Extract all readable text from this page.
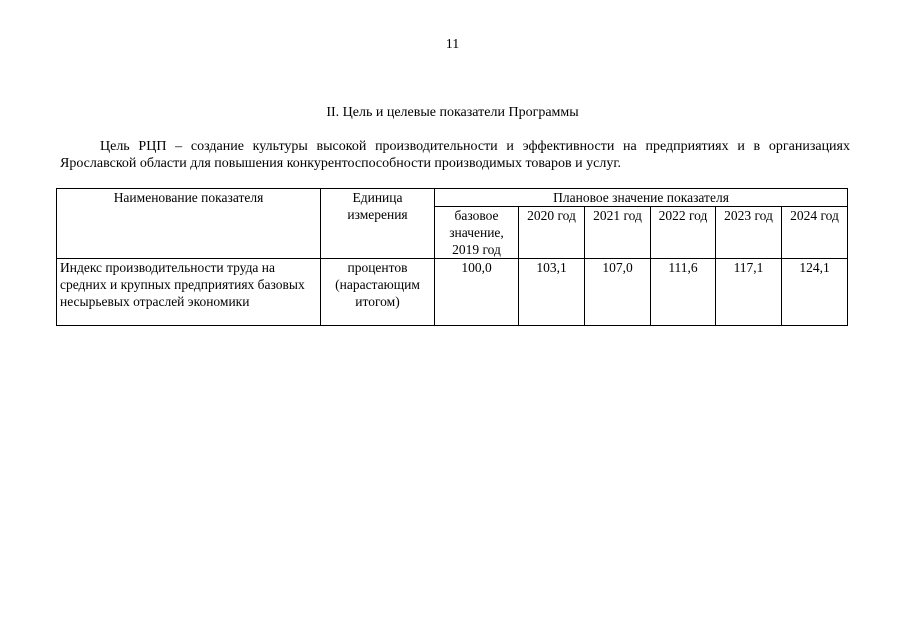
11
II. Цель и целевые показатели Программы
Цель РЦП – создание культуры высокой производительности и эффективности на предприятиях и в организациях Ярославской области для повышения конкурентоспособности производимых товаров и услуг.
Наименование показателя	Единица измерения	Плановое значение показателя					
		базовое значение, 2019 год	2020 год	2021 год	2022 год	2023 год	2024 год
Индекс производительности труда на средних и крупных предприятиях базовых несырьевых отраслей экономики	процентов (нарастающим итогом)	100,0	103,1	107,0	111,6	117,1	124,1
